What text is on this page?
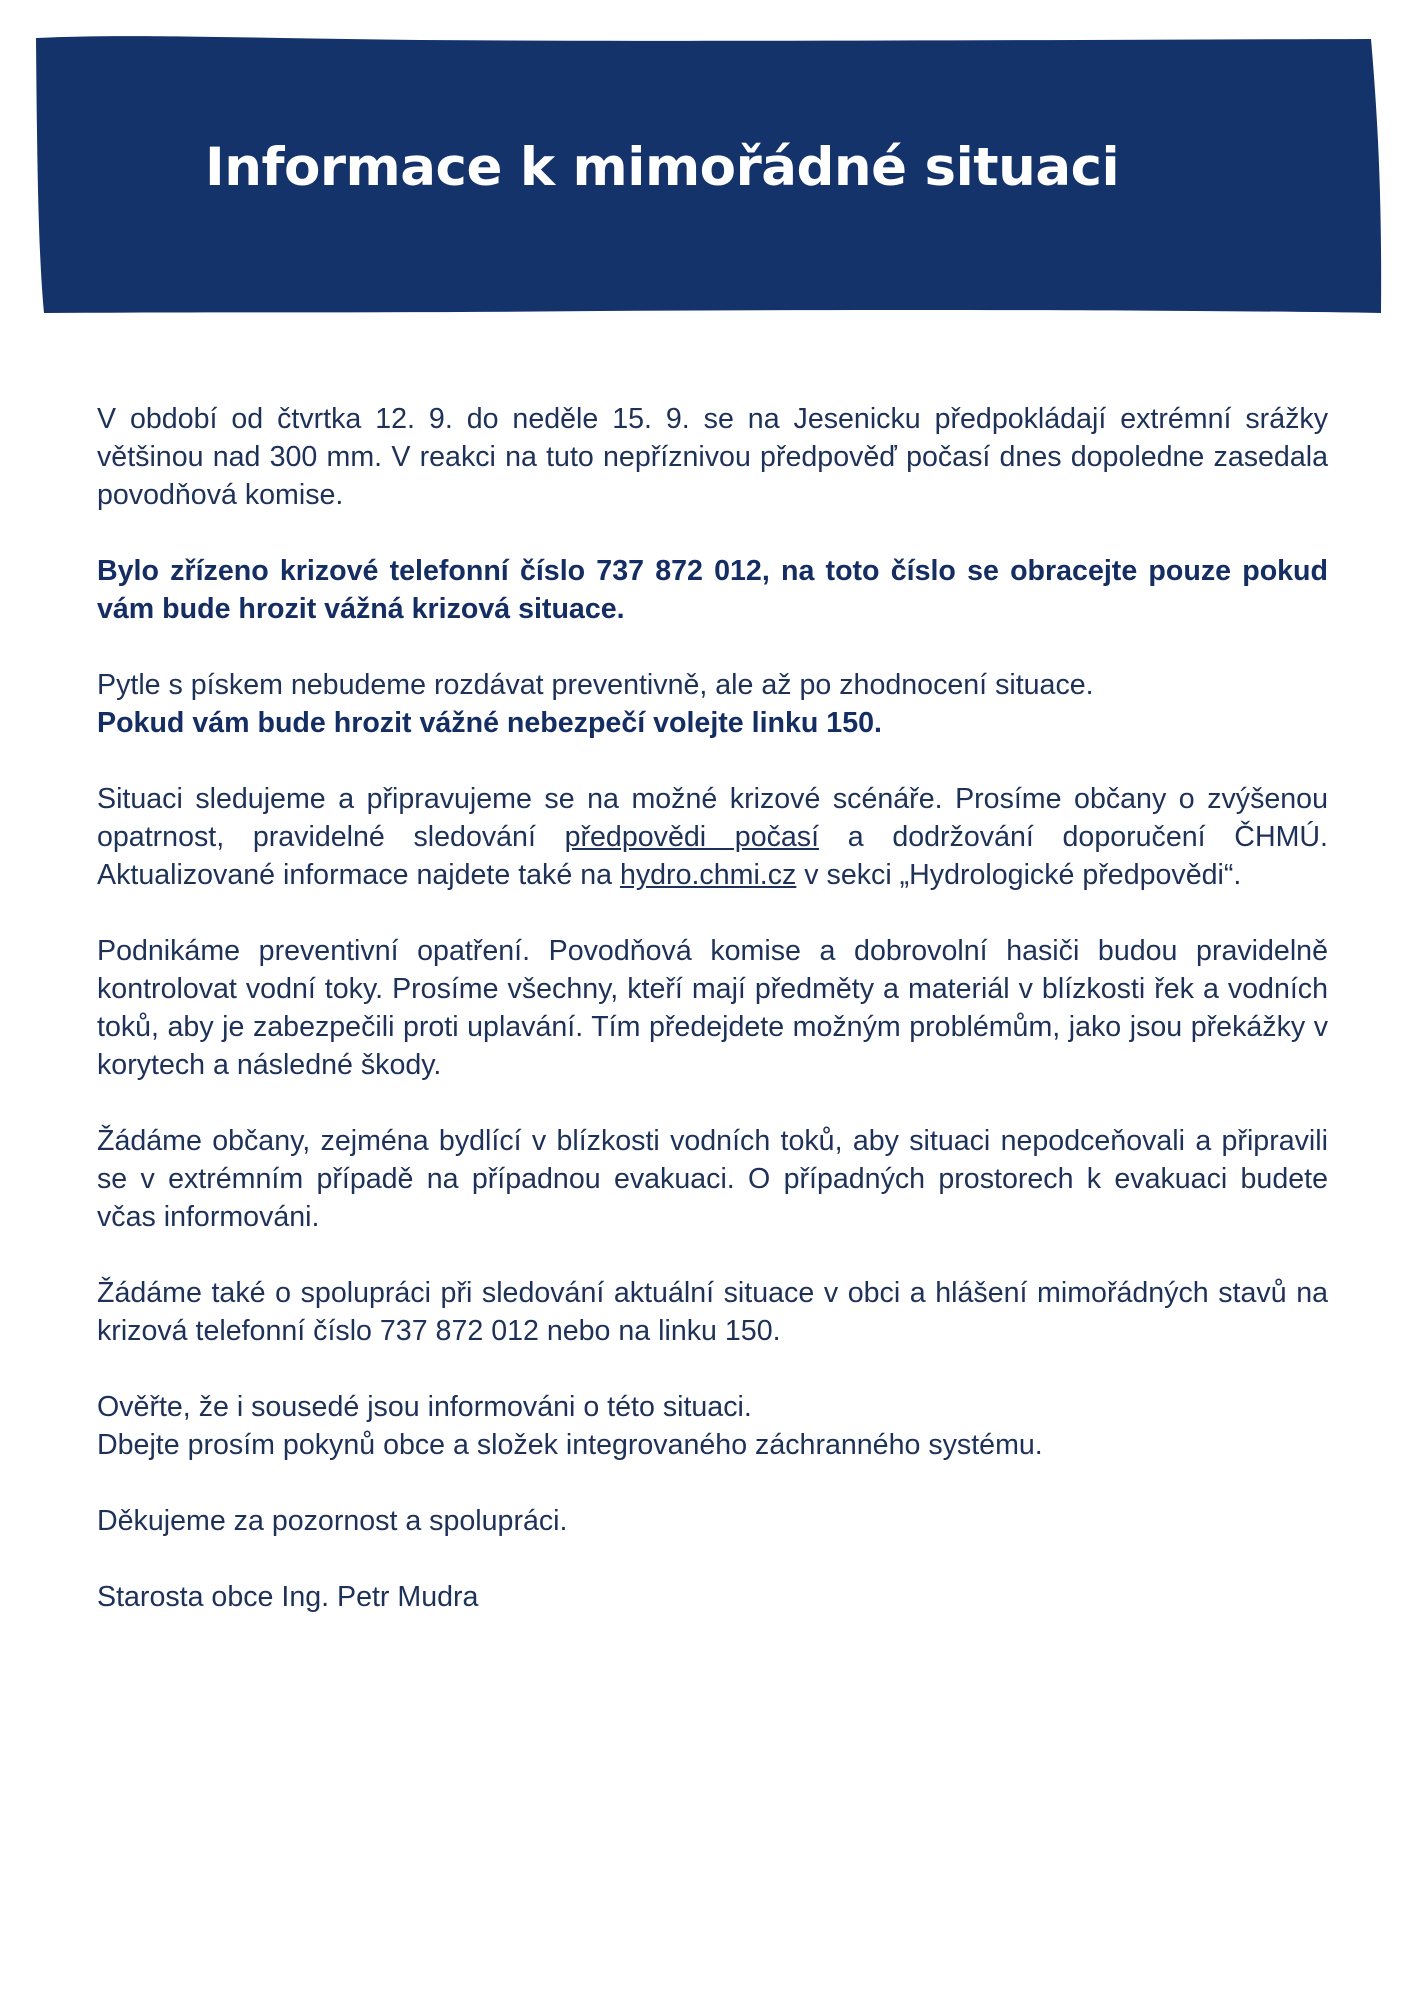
Informace k mimořádné situaci

V období od čtvrtka 12. 9. do neděle 15. 9. se na Jesenicku předpokládají extrémní srážky většinou nad 300 mm. V reakci na tuto nepříznivou předpověď počasí dnes dopoledne zasedala povodňová komise.

Bylo zřízeno krizové telefonní číslo 737 872 012, na toto číslo se obracejte pouze pokud vám bude hrozit vážná krizová situace.

Pytle s pískem nebudeme rozdávat preventivně, ale až po zhodnocení situace.
Pokud vám bude hrozit vážné nebezpečí volejte linku 150.

Situaci sledujeme a připravujeme se na možné krizové scénáře. Prosíme občany o zvýšenou opatrnost, pravidelné sledování předpovědi počasí a dodržování doporučení ČHMÚ. Aktualizované informace najdete také na hydro.chmi.cz v sekci „Hydrologické předpovědi“.

Podnikáme preventivní opatření. Povodňová komise a dobrovolní hasiči budou pravidelně kontrolovat vodní toky. Prosíme všechny, kteří mají předměty a materiál v blízkosti řek a vodních toků, aby je zabezpečili proti uplavání. Tím předejdete možným problémům, jako jsou překážky v korytech a následné škody.

Žádáme občany, zejména bydlící v blízkosti vodních toků, aby situaci nepodceňovali a připravili se v extrémním případě na případnou evakuaci. O případných prostorech k evakuaci budete včas informováni.

Žádáme také o spolupráci při sledování aktuální situace v obci a hlášení mimořádných stavů na krizová telefonní číslo 737 872 012 nebo na linku 150.

Ověřte, že i sousedé jsou informováni o této situaci.
Dbejte prosím pokynů obce a složek integrovaného záchranného systému.

Děkujeme za pozornost a spolupráci.

Starosta obce Ing. Petr Mudra
